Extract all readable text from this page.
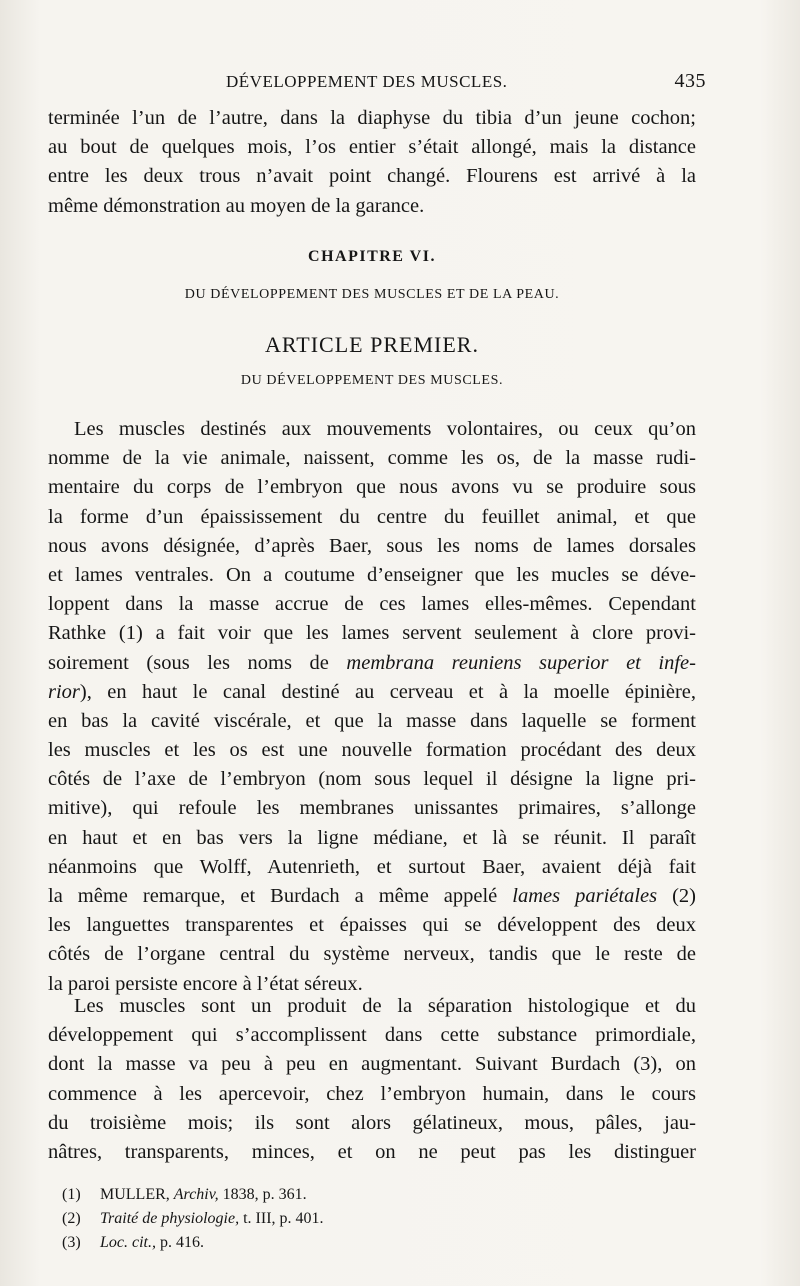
DÉVELOPPEMENT DES MUSCLES.	435
terminée l’un de l’autre, dans la diaphyse du tibia d’un jeune cochon;
au bout de quelques mois, l’os entier s’était allongé, mais la distance
entre les deux trous n’avait point changé. Flourens est arrivé à la
même démonstration au moyen de la garance.
CHAPITRE VI.
DU DÉVELOPPEMENT DES MUSCLES ET DE LA PEAU.
ARTICLE PREMIER.
DU DÉVELOPPEMENT DES MUSCLES.
Les muscles destinés aux mouvements volontaires, ou ceux qu’on
nomme de la vie animale, naissent, comme les os, de la masse rudi-
mentaire du corps de l’embryon que nous avons vu se produire sous
la forme d’un épaississement du centre du feuillet animal, et que
nous avons désignée, d’après Baer, sous les noms de lames dorsales
et lames ventrales. On a coutume d’enseigner que les mucles se déve-
loppent dans la masse accrue de ces lames elles-mêmes. Cependant
Rathke (1) a fait voir que les lames servent seulement à clore provi-
soirement (sous les noms de membrana reuniens superior et infe-
rior), en haut le canal destiné au cerveau et à la moelle épinière,
en bas la cavité viscérale, et que la masse dans laquelle se forment
les muscles et les os est une nouvelle formation procédant des deux
côtés de l’axe de l’embryon (nom sous lequel il désigne la ligne pri-
mitive), qui refoule les membranes unissantes primaires, s’allonge
en haut et en bas vers la ligne médiane, et là se réunit. Il paraît
néanmoins que Wolff, Autenrieth, et surtout Baer, avaient déjà fait
la même remarque, et Burdach a même appelé lames pariétales (2)
les languettes transparentes et épaisses qui se développent des deux
côtés de l’organe central du système nerveux, tandis que le reste de
la paroi persiste encore à l’état séreux.
Les muscles sont un produit de la séparation histologique et du
développement qui s’accomplissent dans cette substance primordiale,
dont la masse va peu à peu en augmentant. Suivant Burdach (3), on
commence à les apercevoir, chez l’embryon humain, dans le cours
du troisième mois; ils sont alors gélatineux, mous, pâles, jau-
nâtres, transparents, minces, et on ne peut pas les distinguer
(1) MULLER, Archiv, 1838, p. 361.
(2) Traité de physiologie, t. III, p. 401.
(3) Loc. cit., p. 416.
